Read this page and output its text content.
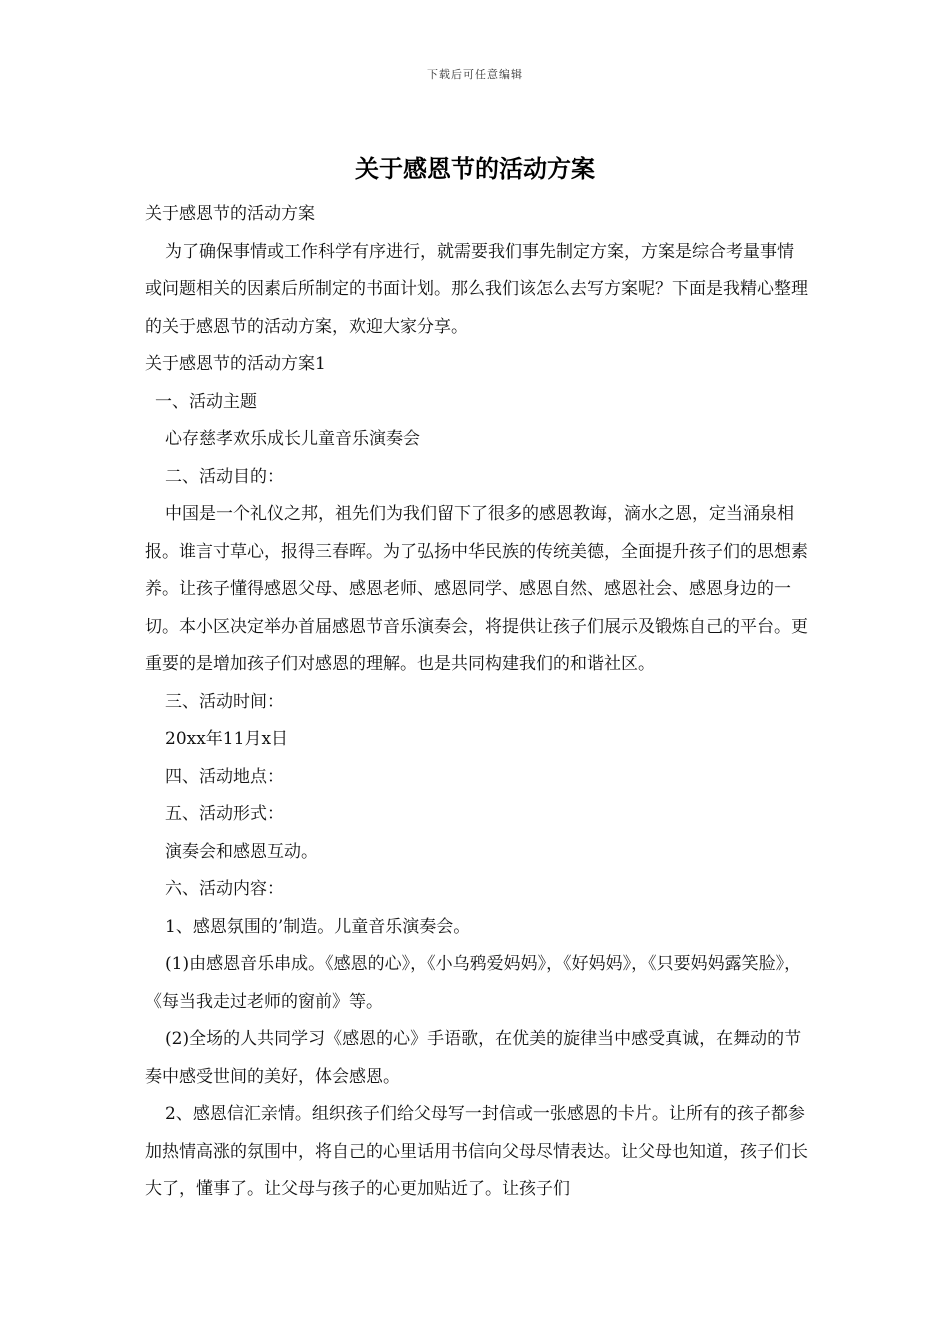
下载后可任意编辑
关于感恩节的活动方案

关于感恩节的活动方案

为了确保事情或工作科学有序进行，就需要我们事先制定方案，方案是综合考量事情或问题相关的因素后所制定的书面计划。那么我们该怎么去写方案呢？下面是我精心整理的关于感恩节的活动方案，欢迎大家分享。

关于感恩节的活动方案1

一、活动主题

心存慈孝欢乐成长儿童音乐演奏会

二、活动目的：

中国是一个礼仪之邦，祖先们为我们留下了很多的感恩教诲，滴水之恩，定当涌泉相报。谁言寸草心，报得三春晖。为了弘扬中华民族的传统美德，全面提升孩子们的思想素养。让孩子懂得感恩父母、感恩老师、感恩同学、感恩自然、感恩社会、感恩身边的一切。本小区决定举办首届感恩节音乐演奏会，将提供让孩子们展示及锻炼自己的平台。更重要的是增加孩子们对感恩的理解。也是共同构建我们的和谐社区。

三、活动时间：

20xx年11月x日

四、活动地点：

五、活动形式：

演奏会和感恩互动。

六、活动内容：

1、感恩氛围的’制造。儿童音乐演奏会。

(1)由感恩音乐串成。《感恩的心》，《小乌鸦爱妈妈》，《好妈妈》，《只要妈妈露笑脸》，《每当我走过老师的窗前》等。

(2)全场的人共同学习《感恩的心》手语歌，在优美的旋律当中感受真诚，在舞动的节奏中感受世间的美好，体会感恩。

2、感恩信汇亲情。组织孩子们给父母写一封信或一张感恩的卡片。让所有的孩子都参加热情高涨的氛围中，将自己的心里话用书信向父母尽情表达。让父母也知道，孩子们长大了，懂事了。让父母与孩子的心更加贴近了。让孩子们
